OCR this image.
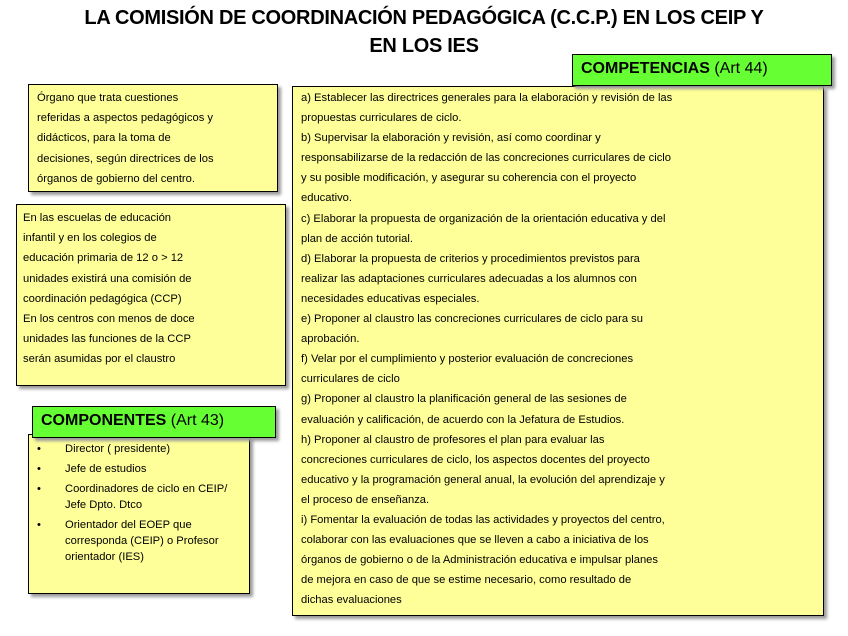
LA COMISIÓN DE COORDINACIÓN PEDAGÓGICA (C.C.P.) EN LOS CEIP Y
EN LOS IES

Órgano que trata cuestiones

referidas a aspectos pedagógicos y

didácticos, para la toma de

decisiones, según directrices de los

órganos de gobierno del centro.

En las escuelas de educación

infantil y en los colegios de

educación primaria de 12 o > 12

unidades existirá una comisión de

coordinación pedagógica (CCP)

En los centros con menos de doce

unidades las funciones de la CCP

serán asumidas por el claustro

• Director ( presidente)
• Jefe de estudios
• Coordinadores de ciclo en CEIP/ Jefe Dpto. Dtco
• Orientador del EOEP que corresponda (CEIP) o Profesor orientador (IES)
COMPONENTES (Art 43)

a) Establecer las directrices generales para la elaboración y revisión de las

propuestas curriculares de ciclo.

b) Supervisar la elaboración y revisión, así como coordinar y

responsabilizarse de la redacción de las concreciones curriculares de ciclo

y su posible modificación, y asegurar su coherencia con el proyecto

educativo.

c) Elaborar la propuesta de organización de la orientación educativa y del

plan de acción tutorial.

d) Elaborar la propuesta de criterios y procedimientos previstos para

realizar las adaptaciones curriculares adecuadas a los alumnos con

necesidades educativas especiales.

e) Proponer al claustro las concreciones curriculares de ciclo para su

aprobación.

f) Velar por el cumplimiento y posterior evaluación de concreciones

curriculares de ciclo

g) Proponer al claustro la planificación general de las sesiones de

evaluación y calificación, de acuerdo con la Jefatura de Estudios.

h) Proponer al claustro de profesores el plan para evaluar las

concreciones curriculares de ciclo, los aspectos docentes del proyecto

educativo y la programación general anual, la evolución del aprendizaje y

el proceso de enseñanza.

i) Fomentar la evaluación de todas las actividades y proyectos del centro,

colaborar con las evaluaciones que se lleven a cabo a iniciativa de los

órganos de gobierno o de la Administración educativa e impulsar planes

de mejora en caso de que se estime necesario, como resultado de

dichas evaluaciones

COMPETENCIAS (Art 44)
